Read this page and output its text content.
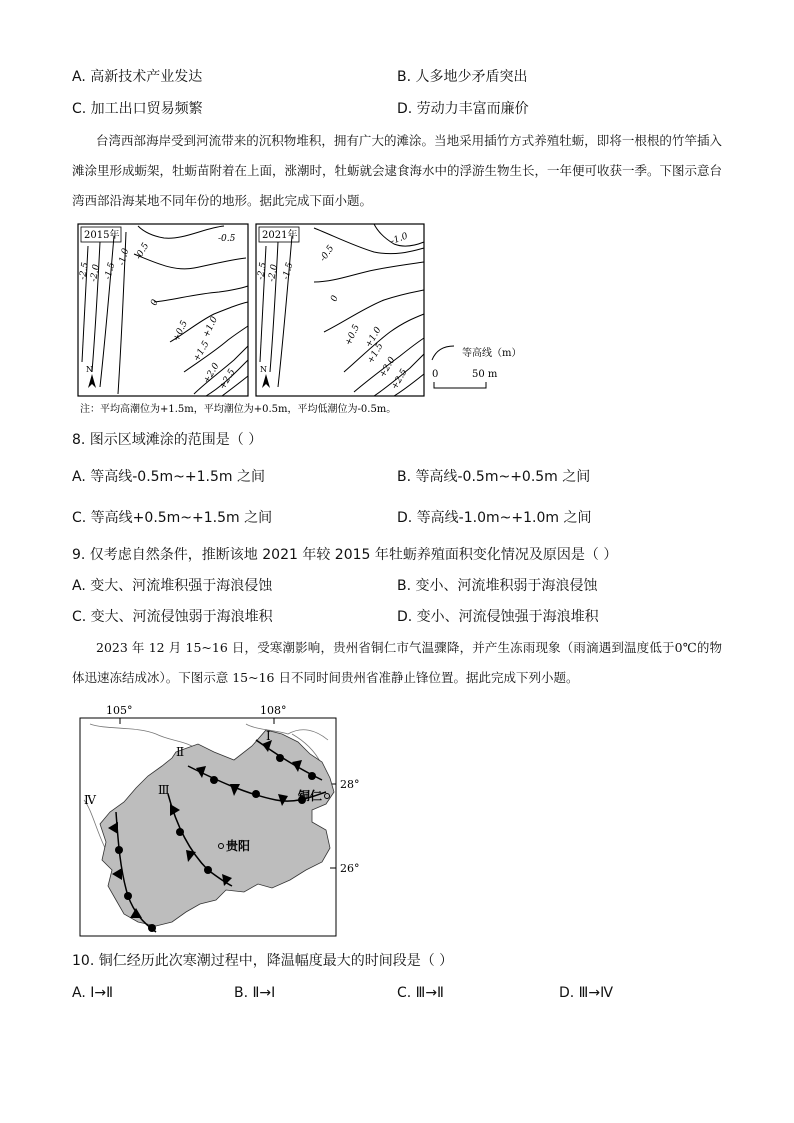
A. 高新技术产业发达	B. 人多地少矛盾突出
C. 加工出口贸易频繁	D. 劳动力丰富而廉价

台湾西部海岸受到河流带来的沉积物堆积，拥有广大的滩涂。当地采用插竹方式养殖牡蛎，即将一根根的竹竿插入滩涂里形成蛎架，牡蛎苗附着在上面，涨潮时，牡蛎就会逮食海水中的浮游生物生长，一年便可收获一季。下图示意台湾西部沿海某地不同年份的地形。据此完成下面小题。

2015年
-2.5
-2.0 -1.5
-1.0
-0.5
-0.5
0
+0.5 +1.0
+1.5
+2.0
+2.5
N
2021年
-2.5
-2.0 -1.5
-1.0
-0.5
0
+0.5 +1.0
+1.5
+2.0
+2.5
N
等高线（m）
0	50 m
注：平均高潮位为+1.5m，平均潮位为+0.5m，平均低潮位为-0.5m。
8. 图示区域滩涂的范围是（ ）
A. 等高线-0.5m~+1.5m 之间	B. 等高线-0.5m~+0.5m 之间
C. 等高线+0.5m~+1.5m 之间	D. 等高线-1.0m~+1.0m 之间
9. 仅考虑自然条件，推断该地 2021 年较 2015 年牡蛎养殖面积变化情况及原因是（ ）
A. 变大、河流堆积强于海浪侵蚀	B. 变小、河流堆积弱于海浪侵蚀
C. 变大、河流侵蚀弱于海浪堆积	D. 变小、河流侵蚀强于海浪堆积

2023 年 12 月 15~16 日，受寒潮影响，贵州省铜仁市气温骤降，并产生冻雨现象（雨滴遇到温度低于0℃的物体迅速冻结成冰）。下图示意 15~16 日不同时间贵州省准静止锋位置。据此完成下列小题。

105°	108°
28°
26°
Ⅰ
Ⅱ
Ⅲ
Ⅳ	铜仁
贵阳
10. 铜仁经历此次寒潮过程中，降温幅度最大的时间段是（ ）
A. Ⅰ→Ⅱ	B. Ⅱ→Ⅰ	C. Ⅲ→Ⅱ	D. Ⅲ→Ⅳ
